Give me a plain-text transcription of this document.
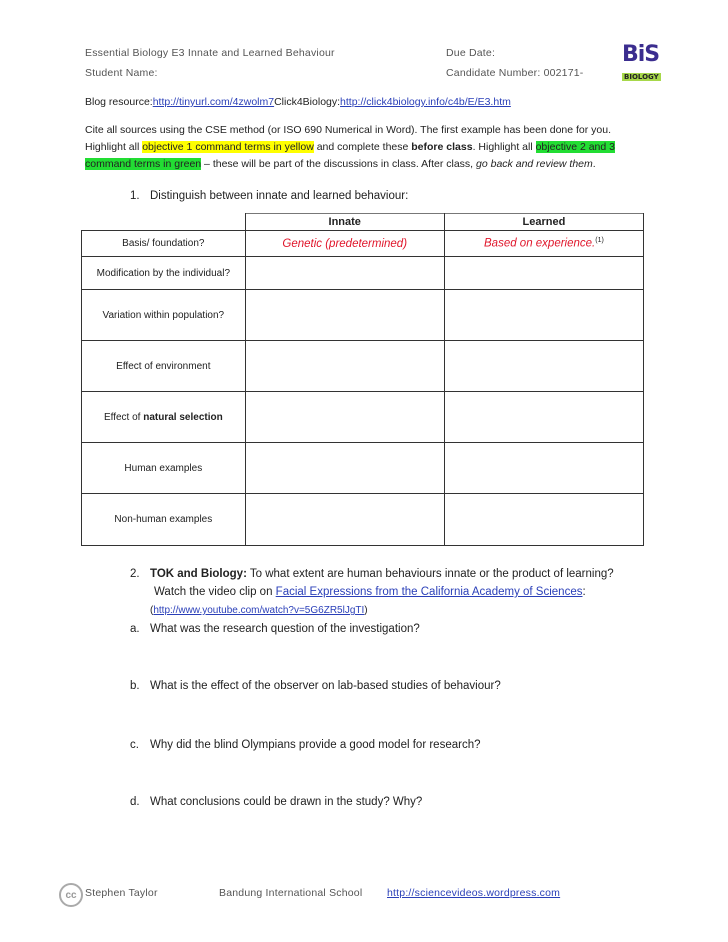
Essential Biology E3 Innate and Learned Behaviour
Student Name:
Due Date:
Candidate Number: 002171-
BiS
BIOLOGY
Blog resource:http://tinyurl.com/4zwolm7Click4Biology:http://click4biology.info/c4b/E/E3.htm
Cite all sources using the CSE method (or ISO 690 Numerical in Word). The first example has been done for you.
Highlight all objective 1 command terms in yellow and complete these before class. Highlight all objective 2 and 3
command terms in green – these will be part of the discussions in class. After class, go back and review them.
1. Distinguish between innate and learned behaviour:
	Innate	Learned
Basis/ foundation?	Genetic (predetermined)	Based on experience.$^{(1)}$
Modification by the individual?		
Variation within population?		
Effect of environment		
Effect of natural selection		
Human examples		
Non-human examples		
2. TOK and Biology: To what extent are human behaviours innate or the product of learning?
Watch the video clip on Facial Expressions from the California Academy of Sciences:
(http://www.youtube.com/watch?v=5G6ZR5lJgTI)
a. What was the research question of the investigation?
b. What is the effect of the observer on lab-based studies of behaviour?
c. Why did the blind Olympians provide a good model for research?
d. What conclusions could be drawn in the study? Why?
cc Stephen Taylor	Bandung International School http://sciencevideos.wordpress.com
